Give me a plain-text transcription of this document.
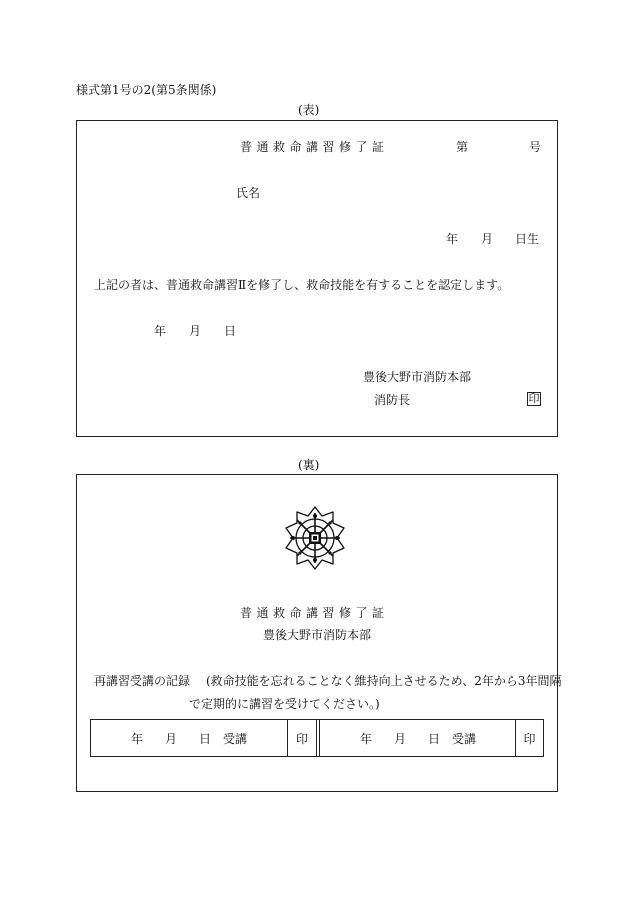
様式第1号の2(第5条関係)
(表)
普通救命講習修了証	第	号
氏名
年 月 日生
上記の者は、普通救命講習Ⅱを修了し、救命技能を有することを認定します。
年 月 日
豊後大野市消防本部
消防長	印
(裏)
普通救命講習修了証
豊後大野市消防本部
再講習受講の記録 (救命技能を忘れることなく維持向上させるため、2年から3年間隔
で定期的に講習を受けてください。)
年	月	日 受講	印	年	月	日 受講	印
